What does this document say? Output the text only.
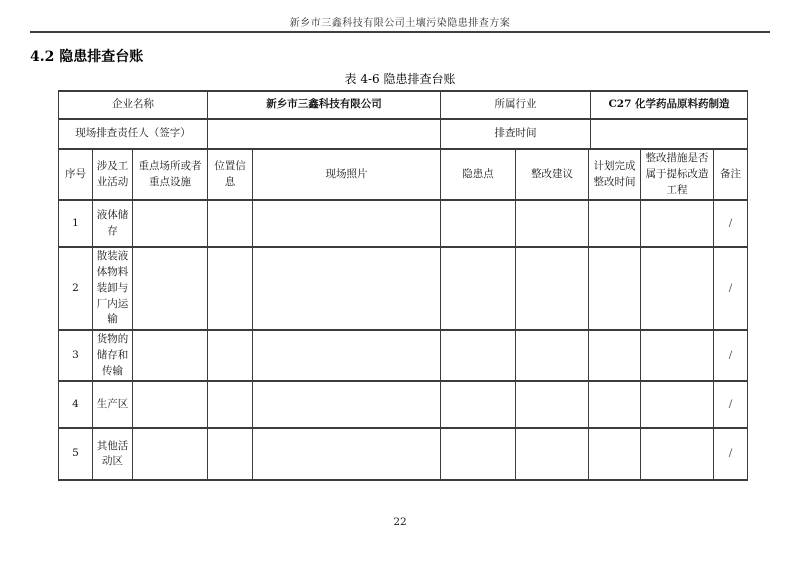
新乡市三鑫科技有限公司土壤污染隐患排查方案
4.2 隐患排查台账
表 4-6 隐患排查台账
企业名称	新乡市三鑫科技有限公司	所属行业	C27 化学药品原料药制造
现场排查责任人（签字）		排查时间	
序号	涉及工业活动	重点场所或者重点设施	位置信息	现场照片	隐患点	整改建议	计划完成整改时间	整改措施是否属于提标改造工程	备注
1	液体储存								/
2	散装液体物料装卸与厂内运输								/
3	货物的储存和传输								/
4	生产区								/
5	其他活动区								/
22
